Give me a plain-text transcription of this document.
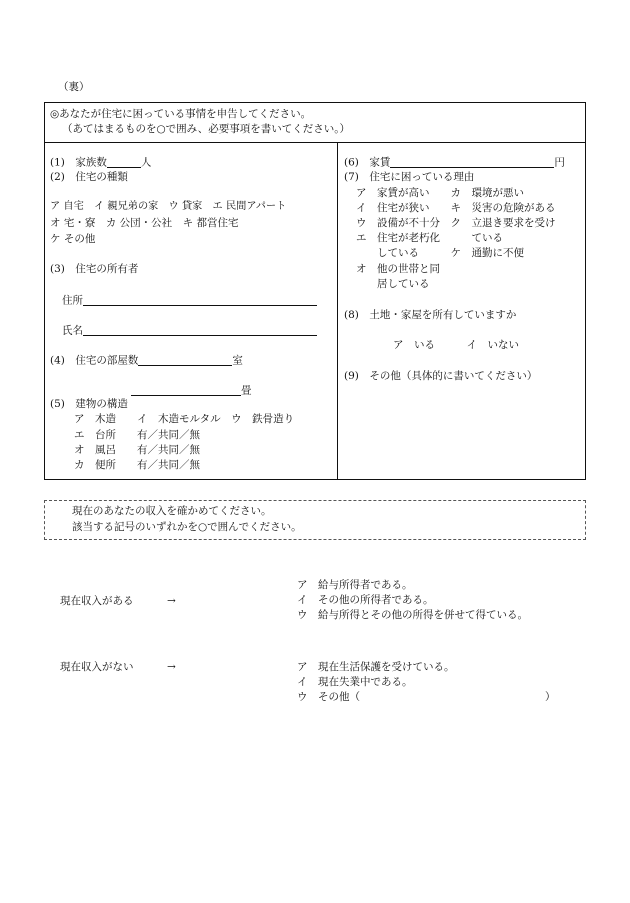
（裏）
◎あなたが住宅に困っている事情を申告してください。
（あてはまるものを○で囲み、必要事項を書いてください。）
(1)　家族数	人
(2)　住宅の種類
ア 自宅　イ 親兄弟の家　ウ 貸家　エ 民間アパート
オ 宅・寮　カ 公団・公社　キ 都営住宅
ケ その他
(3)　住宅の所有者
住所
氏名
(4)　住宅の部屋数	室
畳
(5)　建物の構造
ア　木造　　イ　木造モルタル　ウ　鉄骨造り
エ　台所　　有／共同／無
オ　風呂　　有／共同／無
カ　便所　　有／共同／無
(6)　家賃	円
(7)　住宅に困っている理由
ア　家賃が高い　　カ　環境が悪い
イ　住宅が狭い　　キ　災害の危険がある
ウ　設備が不十分　ク　立退き要求を受け
エ　住宅が老朽化　　　ている
　　している　　　ケ　通勤に不便
オ　他の世帯と同
　　居している
(8)　土地・家屋を所有していますか
ア　いる　　　イ　いない
(9)　その他（具体的に書いてください）
現在のあなたの収入を確かめてください。
該当する記号のいずれかを○で囲んでください。
現在収入がある	→
ア　給与所得者である。
イ　その他の所得者である。
ウ　給与所得とその他の所得を併せて得ている。
現在収入がない	→	ア　現在生活保護を受けている。
イ　現在失業中である。
ウ　その他（	）
